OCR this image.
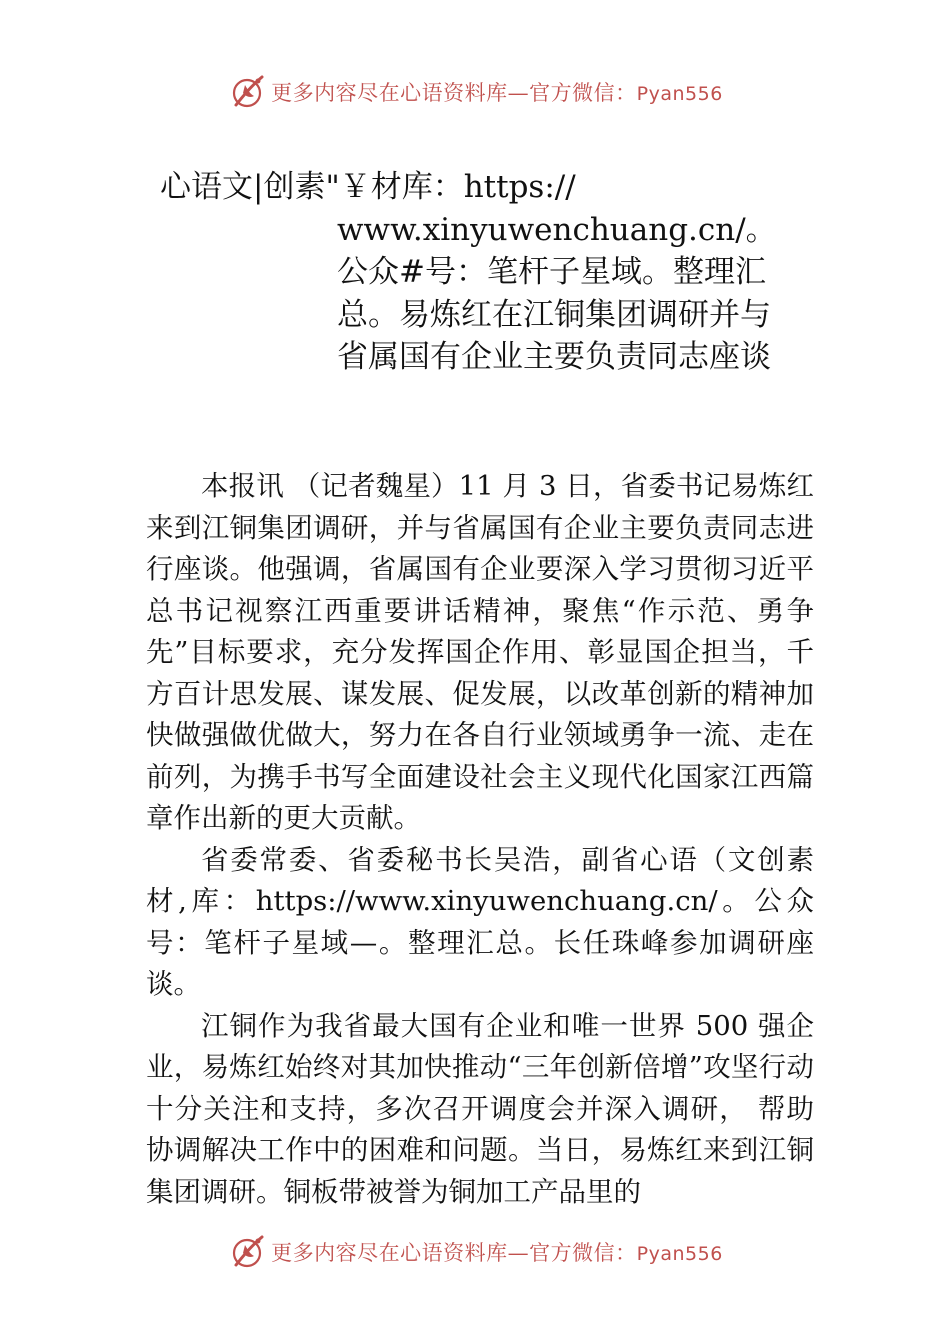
更多内容尽在心语资料库—官方微信：Pyan556
心语文|创素"￥材库：https://
www.xinyuwenchuang.cn/。公众#号：笔杆子星域。整理汇总。易炼红在江铜集团调研并与省属国有企业主要负责同志座谈

本报讯 （记者魏星）11 月 3 日，省委书记易炼红来到江铜集团调研，并与省属国有企业主要负责同志进行座谈。他强调，省属国有企业要深入学习贯彻习近平总书记视察江西重要讲话精神，聚焦“作示范、勇争先”目标要求，充分发挥国企作用、彰显国企担当，千方百计思发展、谋发展、促发展，以改革创新的精神加快做强做优做大，努力在各自行业领域勇争一流、走在前列，为携手书写全面建设社会主义现代化国家江西篇章作出新的更大贡献。

省委常委、省委秘书长吴浩，副省心语（文创素材,库：https://www.xinyuwenchuang.cn/。公众号：笔杆子星域—。整理汇总。长任珠峰参加调研座谈。

江铜作为我省最大国有企业和唯一世界 500 强企业，易炼红始终对其加快推动“三年创新倍增”攻坚行动十分关注和支持，多次召开调度会并深入调研， 帮助协调解决工作中的困难和问题。当日，易炼红来到江铜集团调研。铜板带被誉为铜加工产品里的

更多内容尽在心语资料库—官方微信：Pyan556
